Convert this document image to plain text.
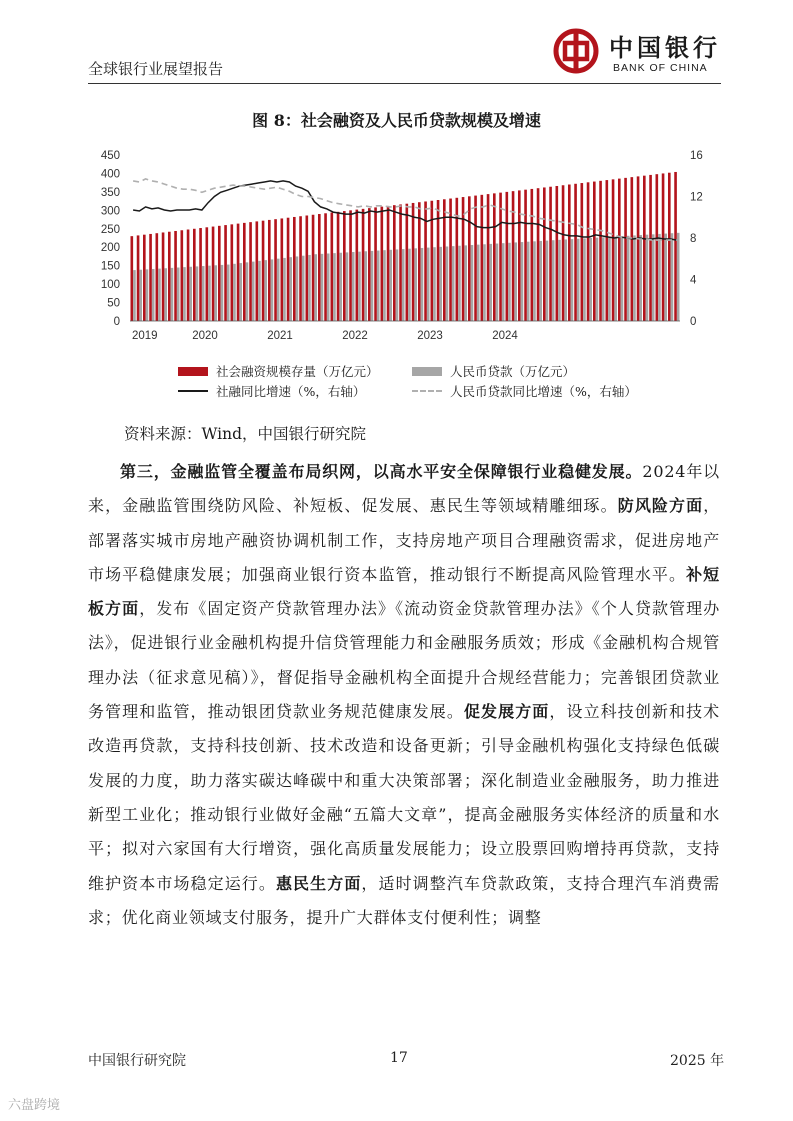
全球银行业展望报告
中国银行
BANK OF CHINA
图 8：社会融资及人民币贷款规模及增速
0
50
100
150
200
250
300
350
400
450
0
4
8
12
16
2019	2020	2021	2022	2023	2024
社会融资规模存量（万亿元）	人民币贷款（万亿元）
社融同比增速（%，右轴）	人民币贷款同比增速（%，右轴）
资料来源：Wind，中国银行研究院

第三，金融监管全覆盖布局织网，以高水平安全保障银行业稳健发展。2024年以来，金融监管围绕防风险、补短板、促发展、惠民生等领域精雕细琢。防风险方面，部署落实城市房地产融资协调机制工作，支持房地产项目合理融资需求，促进房地产市场平稳健康发展；加强商业银行资本监管，推动银行不断提高风险管理水平。补短板方面，发布《固定资产贷款管理办法》《流动资金贷款管理办法》《个人贷款管理办法》，促进银行业金融机构提升信贷管理能力和金融服务质效；形成《金融机构合规管理办法（征求意见稿）》，督促指导金融机构全面提升合规经营能力；完善银团贷款业务管理和监管，推动银团贷款业务规范健康发展。促发展方面，设立科技创新和技术改造再贷款，支持科技创新、技术改造和设备更新；引导金融机构强化支持绿色低碳发展的力度，助力落实碳达峰碳中和重大决策部署；深化制造业金融服务，助力推进新型工业化；推动银行业做好金融“五篇大文章”，提高金融服务实体经济的质量和水平；拟对六家国有大行增资，强化高质量发展能力；设立股票回购增持再贷款，支持维护资本市场稳定运行。惠民生方面，适时调整汽车贷款政策，支持合理汽车消费需求；优化商业领域支付服务，提升广大群体支付便利性；调整

中国银行研究院	17	2025 年
六盘跨境
